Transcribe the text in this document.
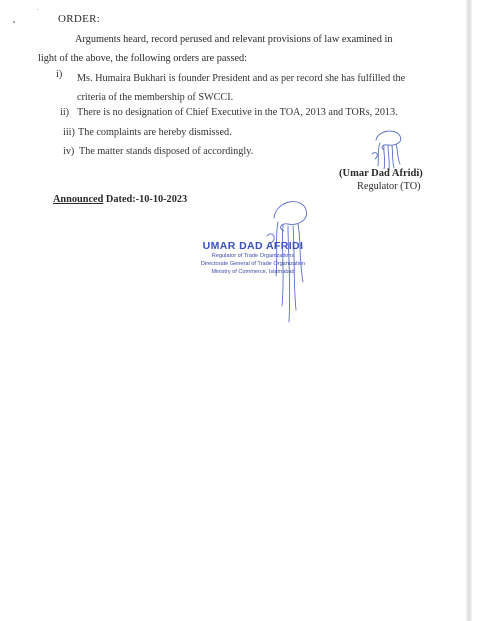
ORDER:
Arguments heard, record perused and relevant provisions of law examined in
light of the above, the following orders are passed:
i)	Ms. Humaira Bukhari is founder President and as per record she has fulfilled the
criteria of the membership of SWCCI.
ii) There is no designation of Chief Executive in the TOA, 2013 and TORs, 2013.
iii) The complaints are hereby dismissed.
iv) The matter stands disposed of accordingly.
(Umar Dad Afridi)
Regulator (TO)
Announced Dated:-10-10-2023
UMAR DAD AFRIDI
Regulator of Trade Organizations
Directorate General of Trade Organization
Ministry of Commerce, Islamabad
